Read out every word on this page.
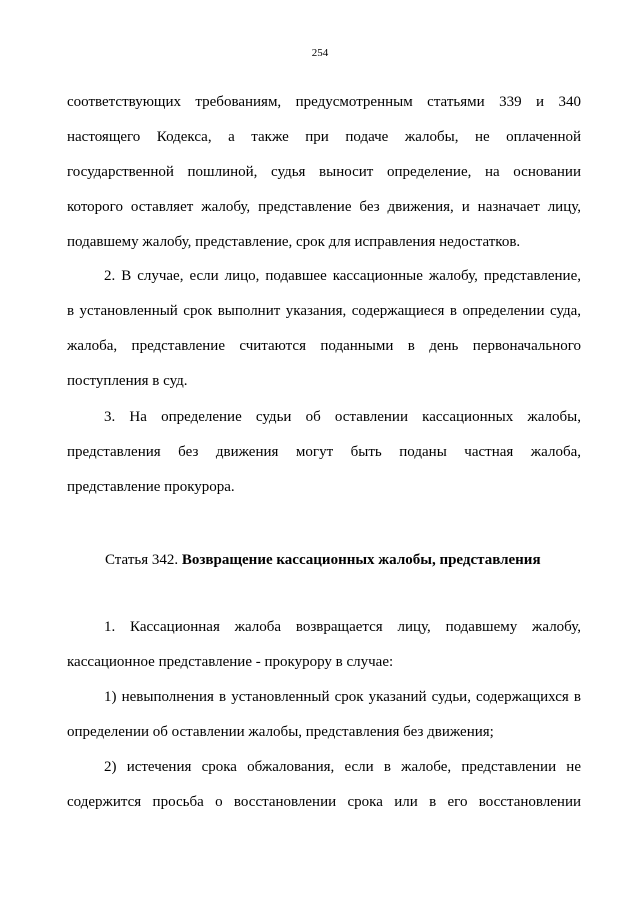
254
соответствующих требованиям, предусмотренным статьями 339 и 340
настоящего Кодекса, а также при подаче жалобы, не оплаченной
государственной пошлиной, судья выносит определение, на основании
которого оставляет жалобу, представление без движения, и назначает лицу,
подавшему жалобу, представление, срок для исправления недостатков.
2. В случае, если лицо, подавшее кассационные жалобу, представление,
в установленный срок выполнит указания, содержащиеся в определении суда,
жалоба, представление считаются поданными в день первоначального
поступления в суд.
3. На определение судьи об оставлении кассационных жалобы,
представления без движения могут быть поданы частная жалоба,
представление прокурора.
Статья 342. Возвращение кассационных жалобы, представления
1. Кассационная жалоба возвращается лицу, подавшему жалобу,
кассационное представление - прокурору в случае:
1) невыполнения в установленный срок указаний судьи, содержащихся в
определении об оставлении жалобы, представления без движения;
2) истечения срока обжалования, если в жалобе, представлении не
содержится просьба о восстановлении срока или в его восстановлении
